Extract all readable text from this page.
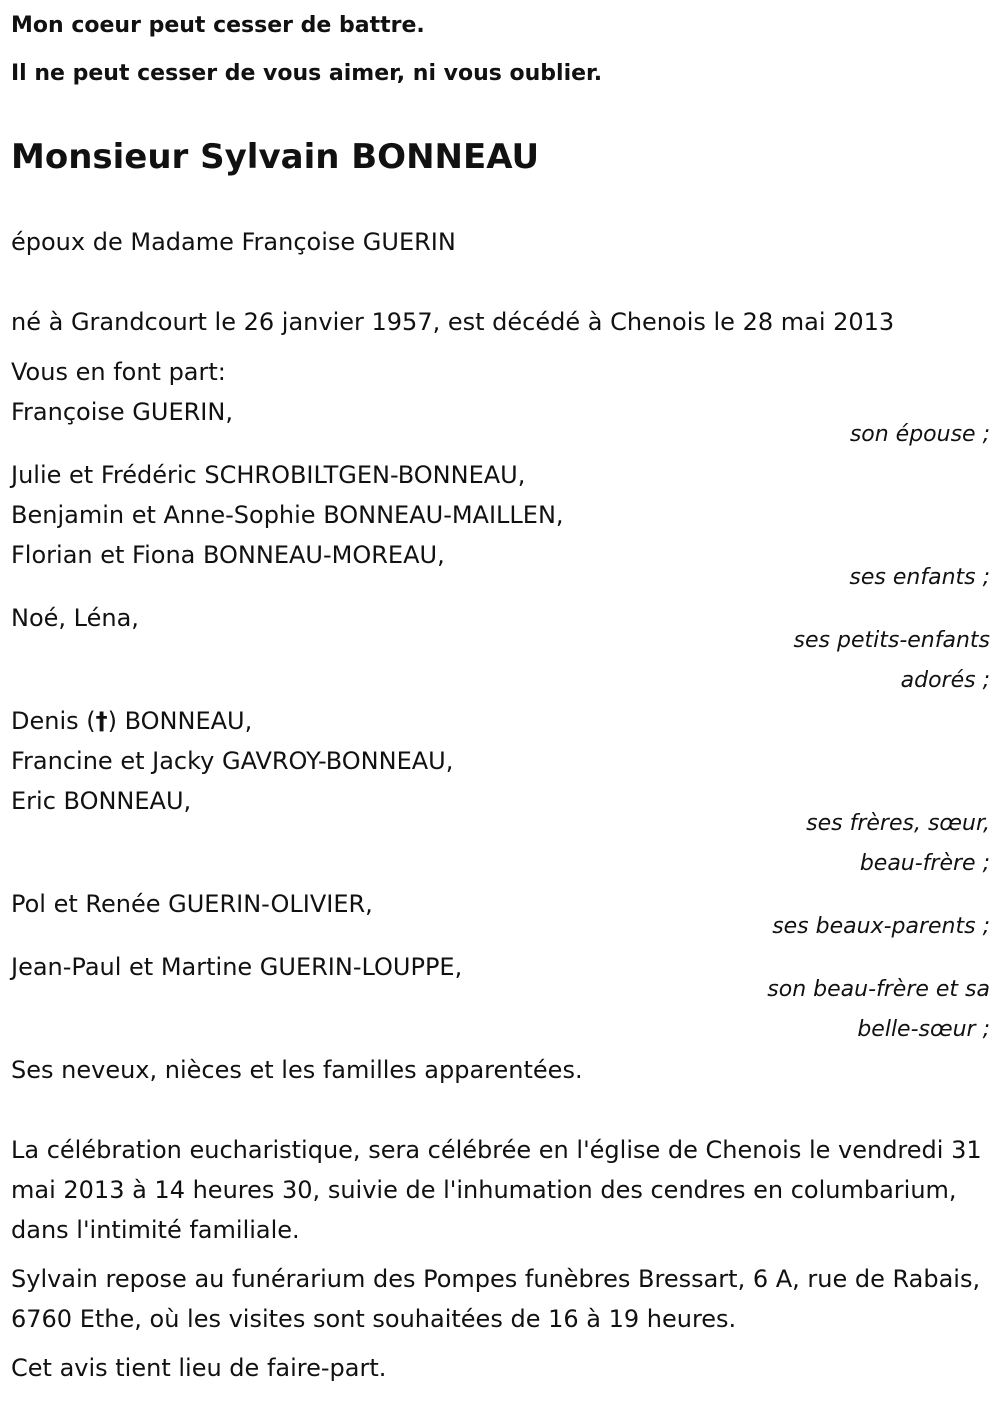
Mon coeur peut cesser de battre.
Il ne peut cesser de vous aimer, ni vous oublier.
Monsieur Sylvain BONNEAU
époux de Madame Françoise GUERIN
né à Grandcourt le 26 janvier 1957, est décédé à Chenois le 28 mai 2013
Vous en font part:
Françoise GUERIN,
son épouse ;
Julie et Frédéric SCHROBILTGEN-BONNEAU,
Benjamin et Anne-Sophie BONNEAU-MAILLEN,
Florian et Fiona BONNEAU-MOREAU,
ses enfants ;
Noé, Léna,
ses petits-enfants
adorés ;
Denis (†) BONNEAU,
Francine et Jacky GAVROY-BONNEAU,
Eric BONNEAU,
ses frères, sœur,
beau-frère ;
Pol et Renée GUERIN-OLIVIER,
ses beaux-parents ;
Jean-Paul et Martine GUERIN-LOUPPE,
son beau-frère et sa
belle-sœur ;
Ses neveux, nièces et les familles apparentées.
La célébration eucharistique, sera célébrée en l'église de Chenois le vendredi 31 mai 2013 à 14 heures 30, suivie de l'inhumation des cendres en columbarium, dans l'intimité familiale.
Sylvain repose au funérarium des Pompes funèbres Bressart, 6 A, rue de Rabais, 6760 Ethe, où les visites sont souhaitées de 16 à 19 heures.
Cet avis tient lieu de faire-part.
